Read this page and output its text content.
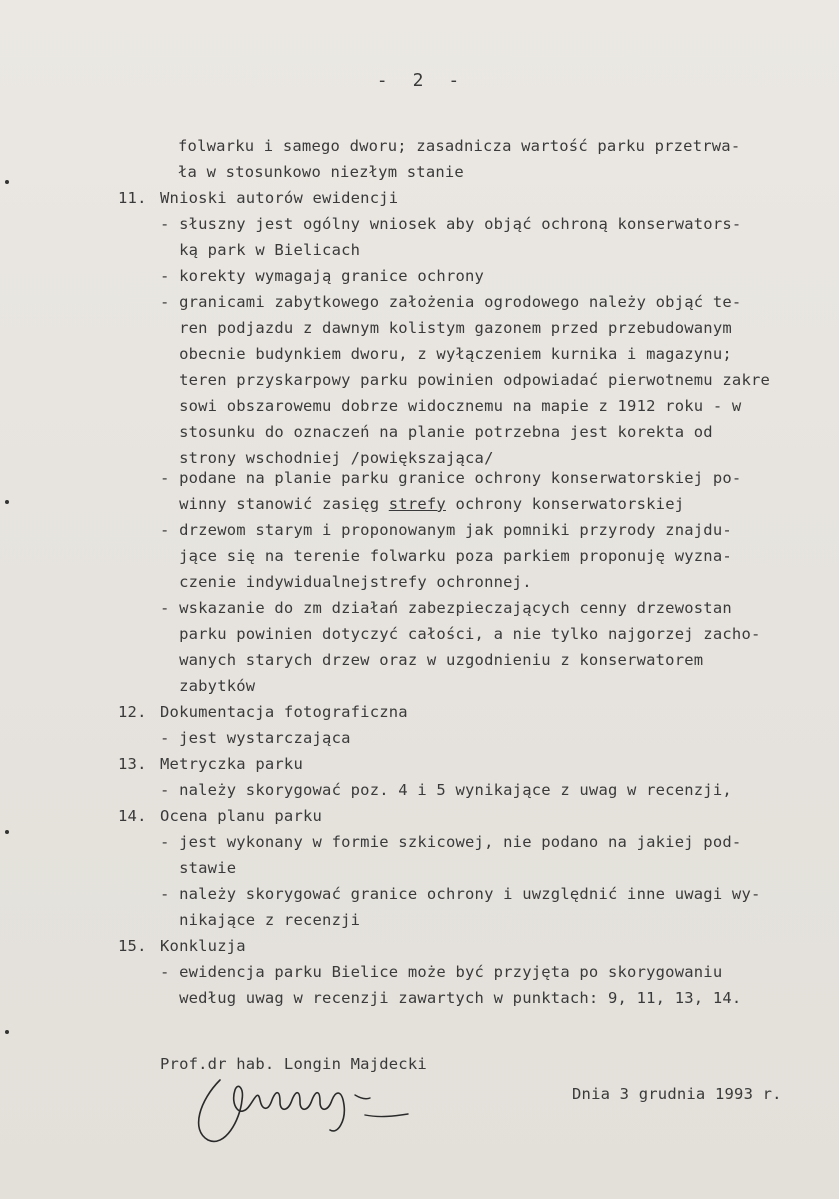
- 2 -
folwarku i samego dworu; zasadnicza wartość parku przetrwa-
ła w stosunkowo niezłym stanie
11. Wnioski autorów ewidencji
- słuszny jest ogólny wniosek aby objąć ochroną konserwators-
ką park w Bielicach
- korekty wymagają granice ochrony
- granicami zabytkowego założenia ogrodowego należy objąć te-
ren podjazdu z dawnym kolistym gazonem przed przebudowanym
obecnie budynkiem dworu, z wyłączeniem kurnika i magazynu;
teren przyskarpowy parku powinien odpowiadać pierwotnemu zakre
sowi obszarowemu dobrze widocznemu na mapie z 1912 roku - w
stosunku do oznaczeń na planie potrzebna jest korekta od
strony wschodniej /powiększająca/
- podane na planie parku granice ochrony konserwatorskiej po-
winny stanowić zasięg strefy ochrony konserwatorskiej
- drzewom starym i proponowanym jak pomniki przyrody znajdu-
jące się na terenie folwarku poza parkiem proponuję wyzna-
czenie indywidualnejstrefy ochronnej.
- wskazanie do zm działań zabezpieczających cenny drzewostan
parku powinien dotyczyć całości, a nie tylko najgorzej zacho-
wanych starych drzew oraz w uzgodnieniu z konserwatorem
zabytków
12. Dokumentacja fotograficzna
- jest wystarczająca
13. Metryczka parku
- należy skorygować poz. 4 i 5 wynikające z uwag w recenzji,
14. Ocena planu parku
- jest wykonany w formie szkicowej, nie podano na jakiej pod-
stawie
- należy skorygować granice ochrony i uwzględnić inne uwagi wy-
nikające z recenzji
15. Konkluzja
- ewidencja parku Bielice może być przyjęta po skorygowaniu
według uwag w recenzji zawartych w punktach: 9, 11, 13, 14.
Prof.dr hab. Longin Majdecki
Dnia 3 grudnia 1993 r.
